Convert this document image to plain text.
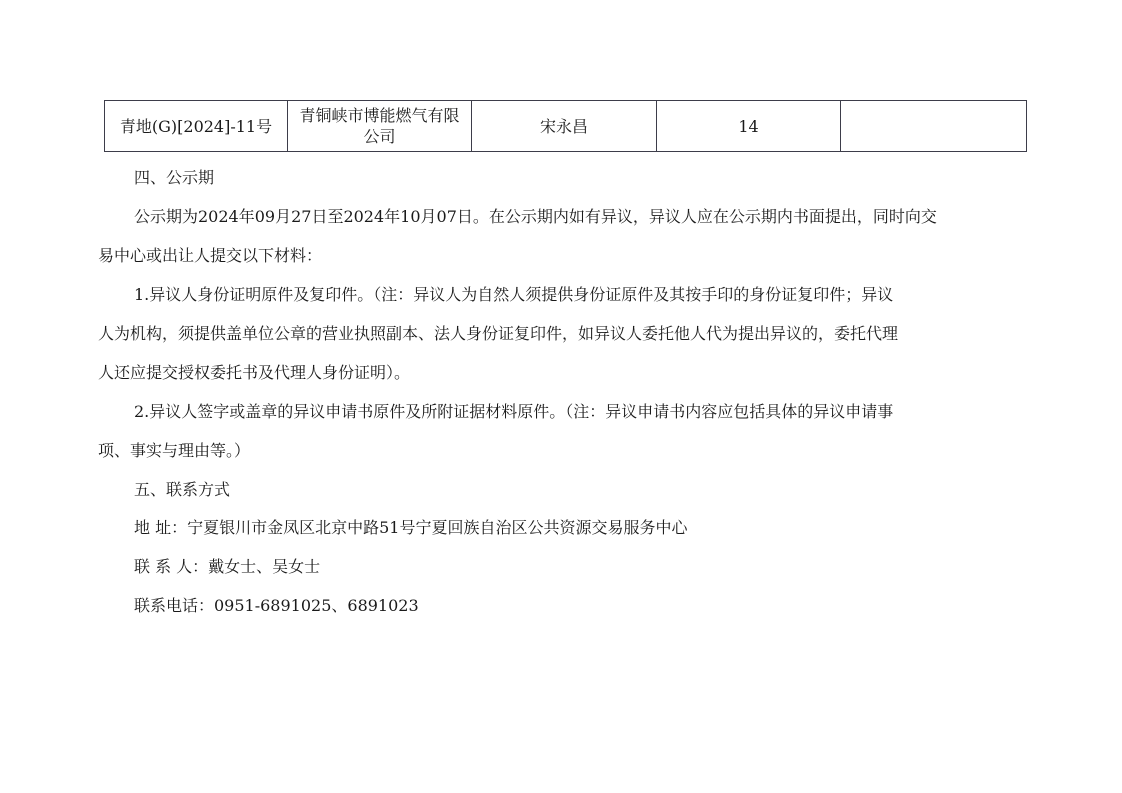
青地(G)[2024]-11号	青铜峡市博能燃气有限公司	宋永昌	14	
四、公示期
公示期为2024年09月27日至2024年10月07日。在公示期内如有异议，异议人应在公示期内书面提出，同时向交
易中心或出让人提交以下材料：
1.异议人身份证明原件及复印件。（注：异议人为自然人须提供身份证原件及其按手印的身份证复印件；异议
人为机构，须提供盖单位公章的营业执照副本、法人身份证复印件，如异议人委托他人代为提出异议的，委托代理
人还应提交授权委托书及代理人身份证明）。
2.异议人签字或盖章的异议申请书原件及所附证据材料原件。（注：异议申请书内容应包括具体的异议申请事
项、事实与理由等。）
五、联系方式
地 址：宁夏银川市金凤区北京中路51号宁夏回族自治区公共资源交易服务中心
联 系 人：戴女士、吴女士
联系电话：0951-6891025、6891023
